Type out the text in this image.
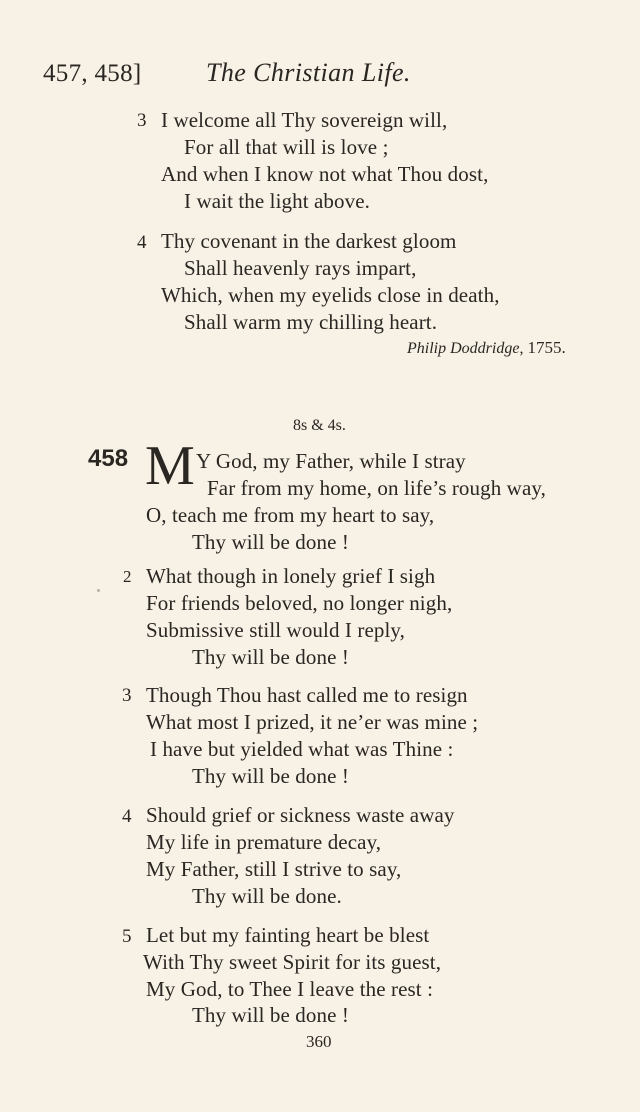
457, 458] The Christian Life.
3 I welcome all Thy sovereign will,
For all that will is love ;
And when I know not what Thou dost,
I wait the light above.
4 Thy covenant in the darkest gloom
Shall heavenly rays impart,
Which, when my eyelids close in death,
Shall warm my chilling heart.
Philip Doddridge, 1755.
8s & 4s.
458 M Y God, my Father, while I stray
Far from my home, on life’s rough way,
O, teach me from my heart to say,
Thy will be done !
2 What though in lonely grief I sigh
For friends beloved, no longer nigh,
Submissive still would I reply,
Thy will be done !
3 Though Thou hast called me to resign
What most I prized, it ne’er was mine ;
I have but yielded what was Thine :
Thy will be done !
4 Should grief or sickness waste away
My life in premature decay,
My Father, still I strive to say,
Thy will be done.
5 Let but my fainting heart be blest
With Thy sweet Spirit for its guest,
My God, to Thee I leave the rest :
Thy will be done !
360
